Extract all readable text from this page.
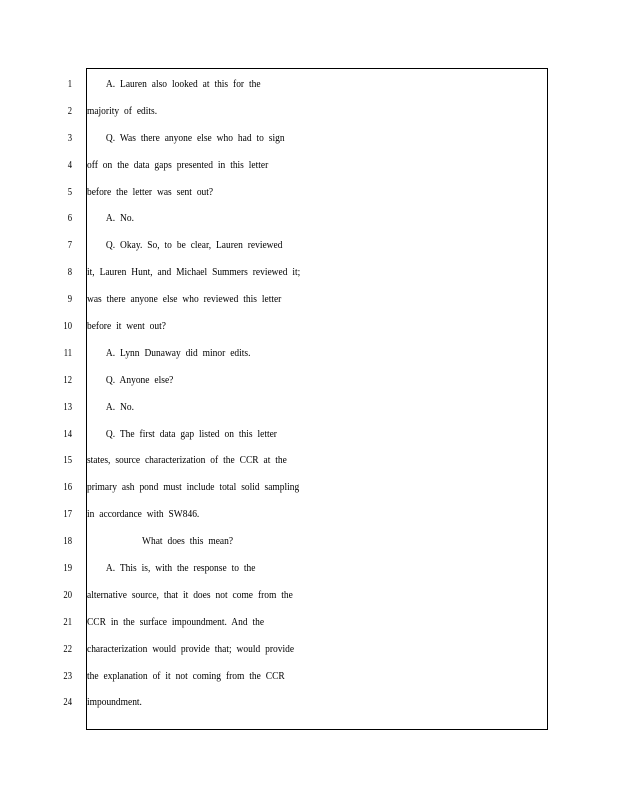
1
2
3
4
5
6
7
8
9
10
11
12
13
14
15
16
17
18
19
20
21
22
23
24
A. Lauren also looked at this for the
majority of edits.
Q. Was there anyone else who had to sign
off on the data gaps presented in this letter
before the letter was sent out?
A. No.
Q. Okay. So, to be clear, Lauren reviewed
it, Lauren Hunt, and Michael Summers reviewed it;
was there anyone else who reviewed this letter
before it went out?
A. Lynn Dunaway did minor edits.
Q. Anyone else?
A. No.
Q. The first data gap listed on this letter
states, source characterization of the CCR at the
primary ash pond must include total solid sampling
in accordance with SW846.
What does this mean?
A. This is, with the response to the
alternative source, that it does not come from the
CCR in the surface impoundment. And the
characterization would provide that; would provide
the explanation of it not coming from the CCR
impoundment.
